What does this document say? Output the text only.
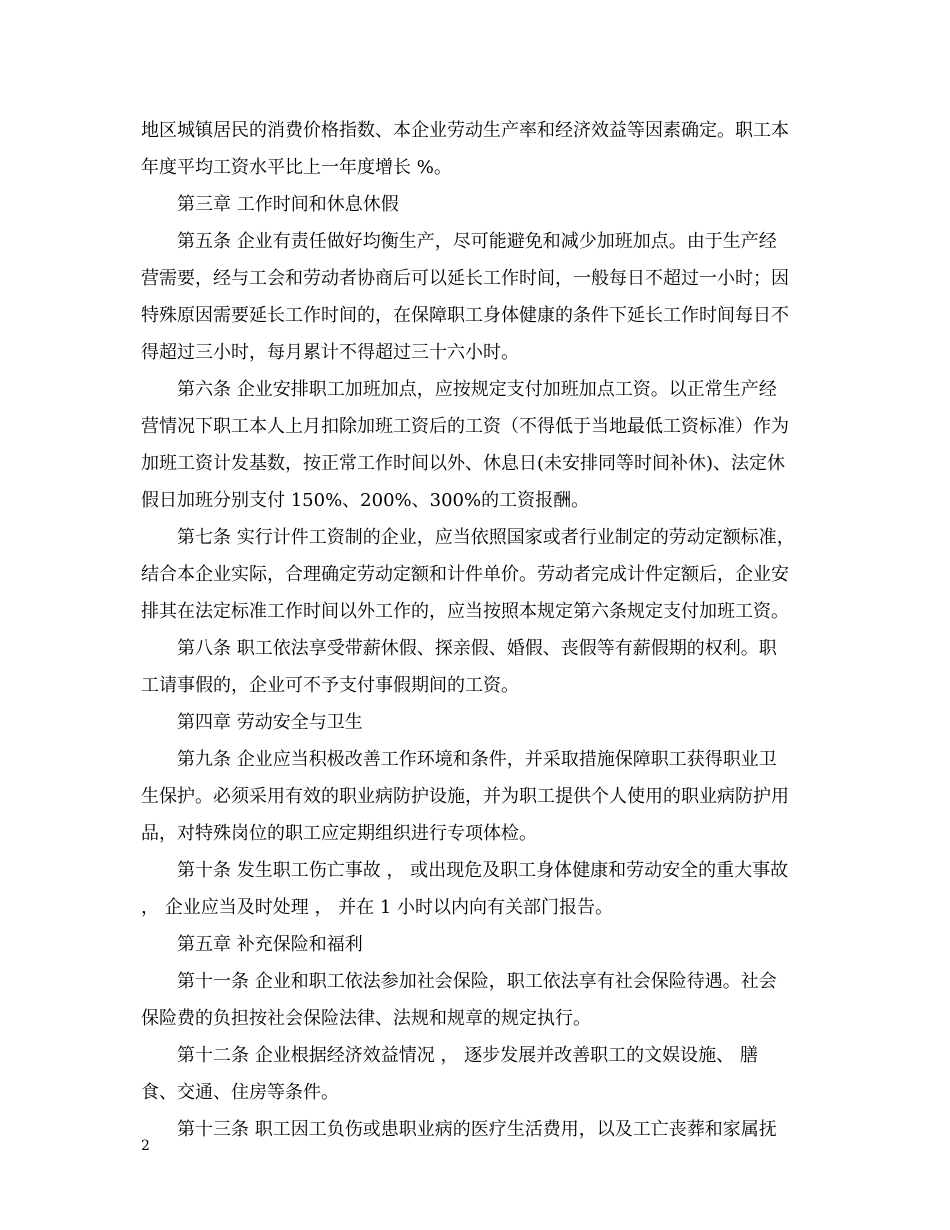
地区城镇居民的消费价格指数、本企业劳动生产率和经济效益等因素确定。职工本
年度平均工资水平比上一年度增长 %。
第三章 工作时间和休息休假
第五条 企业有责任做好均衡生产，尽可能避免和减少加班加点。由于生产经
营需要，经与工会和劳动者协商后可以延长工作时间，一般每日不超过一小时；因
特殊原因需要延长工作时间的，在保障职工身体健康的条件下延长工作时间每日不
得超过三小时，每月累计不得超过三十六小时。
第六条 企业安排职工加班加点，应按规定支付加班加点工资。以正常生产经
营情况下职工本人上月扣除加班工资后的工资（不得低于当地最低工资标准）作为
加班工资计发基数，按正常工作时间以外、休息日(未安排同等时间补休)、法定休
假日加班分别支付 150%、200%、300%的工资报酬。
第七条 实行计件工资制的企业，应当依照国家或者行业制定的劳动定额标准，
结合本企业实际，合理确定劳动定额和计件单价。劳动者完成计件定额后，企业安
排其在法定标准工作时间以外工作的，应当按照本规定第六条规定支付加班工资。
第八条 职工依法享受带薪休假、探亲假、婚假、丧假等有薪假期的权利。职
工请事假的，企业可不予支付事假期间的工资。
第四章 劳动安全与卫生
第九条 企业应当积极改善工作环境和条件，并采取措施保障职工获得职业卫
生保护。必须采用有效的职业病防护设施，并为职工提供个人使用的职业病防护用
品，对特殊岗位的职工应定期组织进行专项体检。
第十条 发生职工伤亡事故 ， 或出现危及职工身体健康和劳动安全的重大事故
， 企业应当及时处理 ， 并在 1 小时以内向有关部门报告。
第五章 补充保险和福利
第十一条 企业和职工依法参加社会保险，职工依法享有社会保险待遇。社会
保险费的负担按社会保险法律、法规和规章的规定执行。
第十二条 企业根据经济效益情况 ， 逐步发展并改善职工的文娱设施、 膳
食、交通、住房等条件。
第十三条 职工因工负伤或患职业病的医疗生活费用，以及工亡丧葬和家属抚
2
